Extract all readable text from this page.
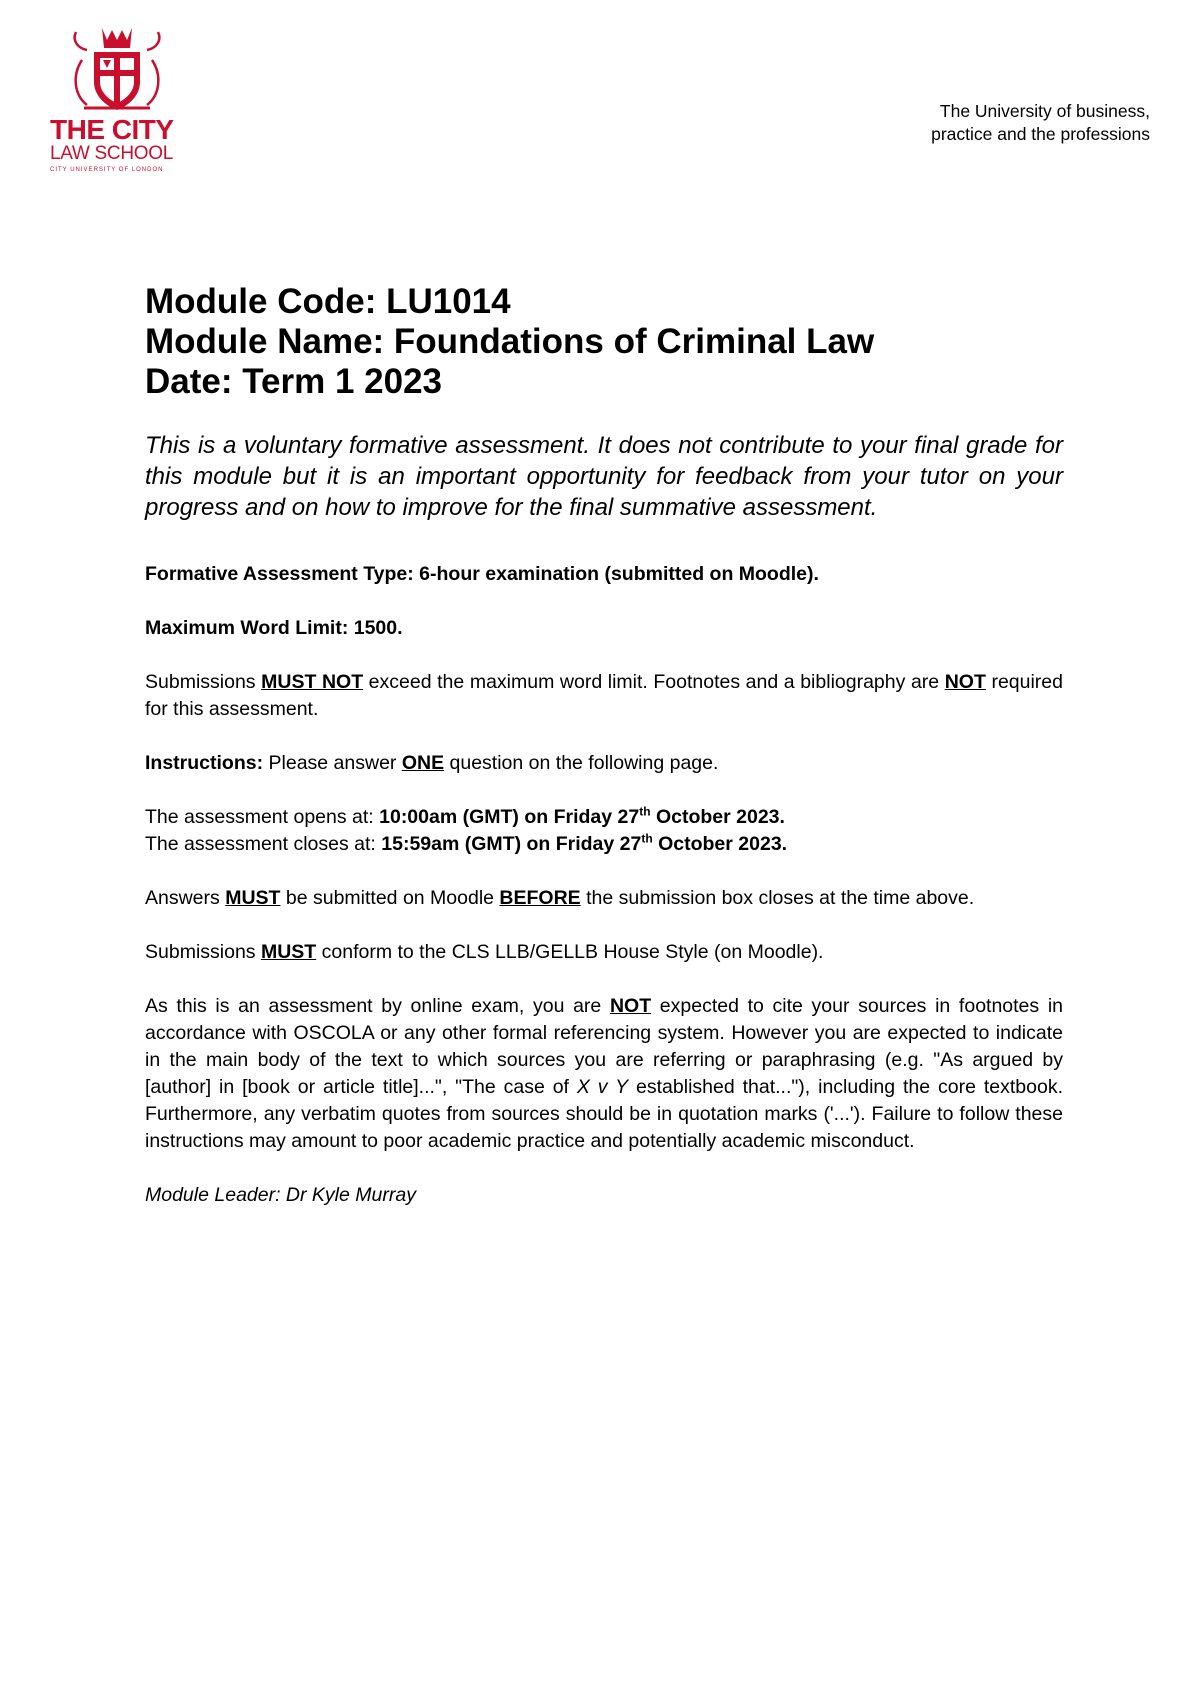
THE CITY
LAW SCHOOL
CITY UNIVERSITY OF LONDON
The University of business,
practice and the professions
Module Code: LU1014
Module Name: Foundations of Criminal Law
Date: Term 1 2023

This is a voluntary formative assessment. It does not contribute to your final grade for this module but it is an important opportunity for feedback from your tutor on your progress and on how to improve for the final summative assessment.

Formative Assessment Type: 6-hour examination (submitted on Moodle).

Maximum Word Limit: 1500.

Submissions MUST NOT exceed the maximum word limit. Footnotes and a bibliography are NOT required for this assessment.

Instructions: Please answer ONE question on the following page.

The assessment opens at: 10:00am (GMT) on Friday 27th October 2023.

The assessment closes at: 15:59am (GMT) on Friday 27th October 2023.

Answers MUST be submitted on Moodle BEFORE the submission box closes at the time above.

Submissions MUST conform to the CLS LLB/GELLB House Style (on Moodle).

As this is an assessment by online exam, you are NOT expected to cite your sources in footnotes in accordance with OSCOLA or any other formal referencing system. However you are expected to indicate in the main body of the text to which sources you are referring or paraphrasing (e.g. "As argued by [author] in [book or article title]...", "The case of X v Y established that..."), including the core textbook. Furthermore, any verbatim quotes from sources should be in quotation marks ('...'). Failure to follow these instructions may amount to poor academic practice and potentially academic misconduct.

Module Leader: Dr Kyle Murray
